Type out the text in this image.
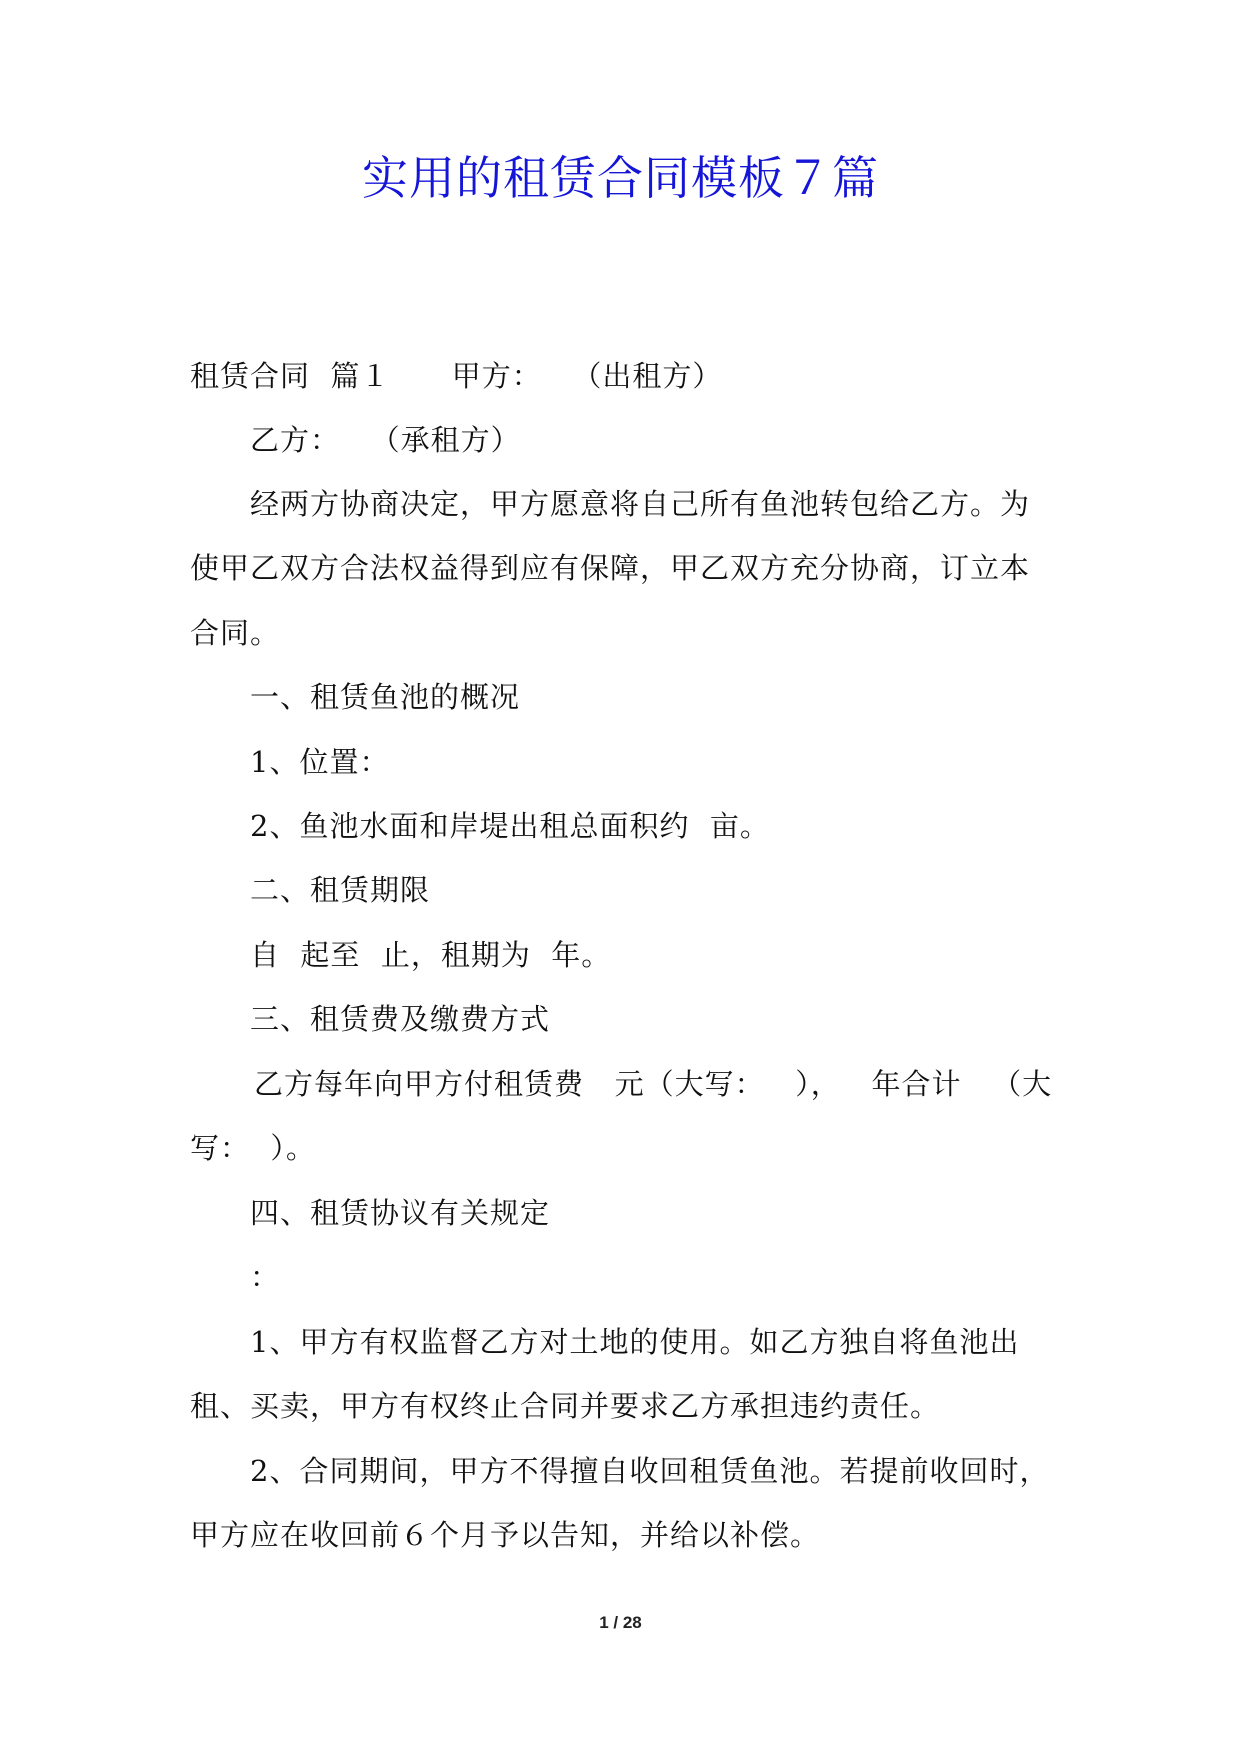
实用的租赁合同模板７篇
租赁合同  篇１      甲方：   （出租方）
乙方：   （承租方）
经两方协商决定，甲方愿意将自己所有鱼池转包给乙方。为
使甲乙双方合法权益得到应有保障，甲乙双方充分协商，订立本
合同。
一、租赁鱼池的概况
1、位置：
2、鱼池水面和岸堤出租总面积约  亩。
二、租赁期限
自  起至  止，租期为  年。
三、租赁费及缴费方式
乙方每年向甲方付租赁费   元（大写：   ），   年合计   （大
写：  ）。
四、租赁协议有关规定
：
1、甲方有权监督乙方对土地的使用。如乙方独自将鱼池出
租、买卖，甲方有权终止合同并要求乙方承担违约责任。
2、合同期间，甲方不得擅自收回租赁鱼池。若提前收回时，
甲方应在收回前６个月予以告知，并给以补偿。
1 / 28
